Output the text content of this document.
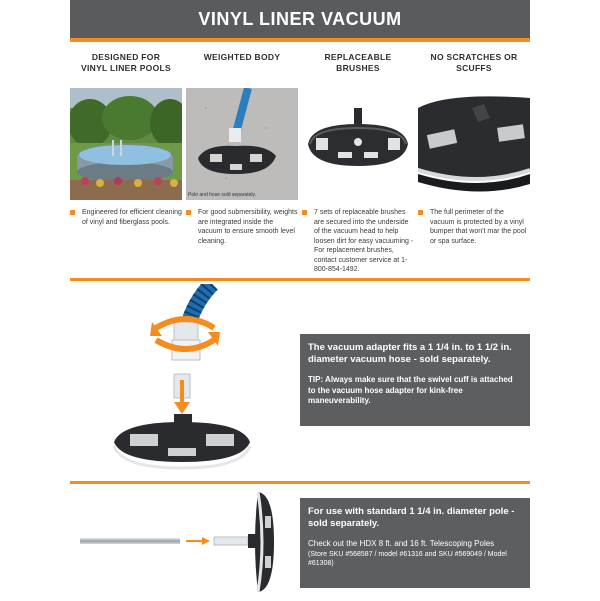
VINYL LINER VACUUM
DESIGNED FOR
VINYL LINER POOLS
WEIGHTED BODY	REPLACEABLE
BRUSHES
NO SCRATCHES OR
SCUFFS
Pole and hose sold separately.
Engineered for efficient cleaning of vinyl and fiberglass pools.
For good submersibility, weights are integrated inside the vacuum to ensure smooth level cleaning.
7 sets of replaceable brushes are secured into the underside of the vacuum head to help loosen dirt for easy vacuuming - For replacement brushes, contact customer service at 1-800-854-1492.
The full perimeter of the vacuum is protected by a vinyl bumper that won't mar the pool or spa surface.

The vacuum adapter fits a 1 1/4 in. to 1 1/2 in. diameter vacuum hose - sold separately.

TIP: Always make sure that the swivel cuff is attached to the vacuum hose adapter for kink-free maneuverability.

For use with standard 1 1/4 in. diameter pole - sold separately.

Check out the HDX 8 ft. and 16 ft. Telescoping Poles

(Store SKU #568587 / model #61316 and SKU #569049 / Model #61308)
